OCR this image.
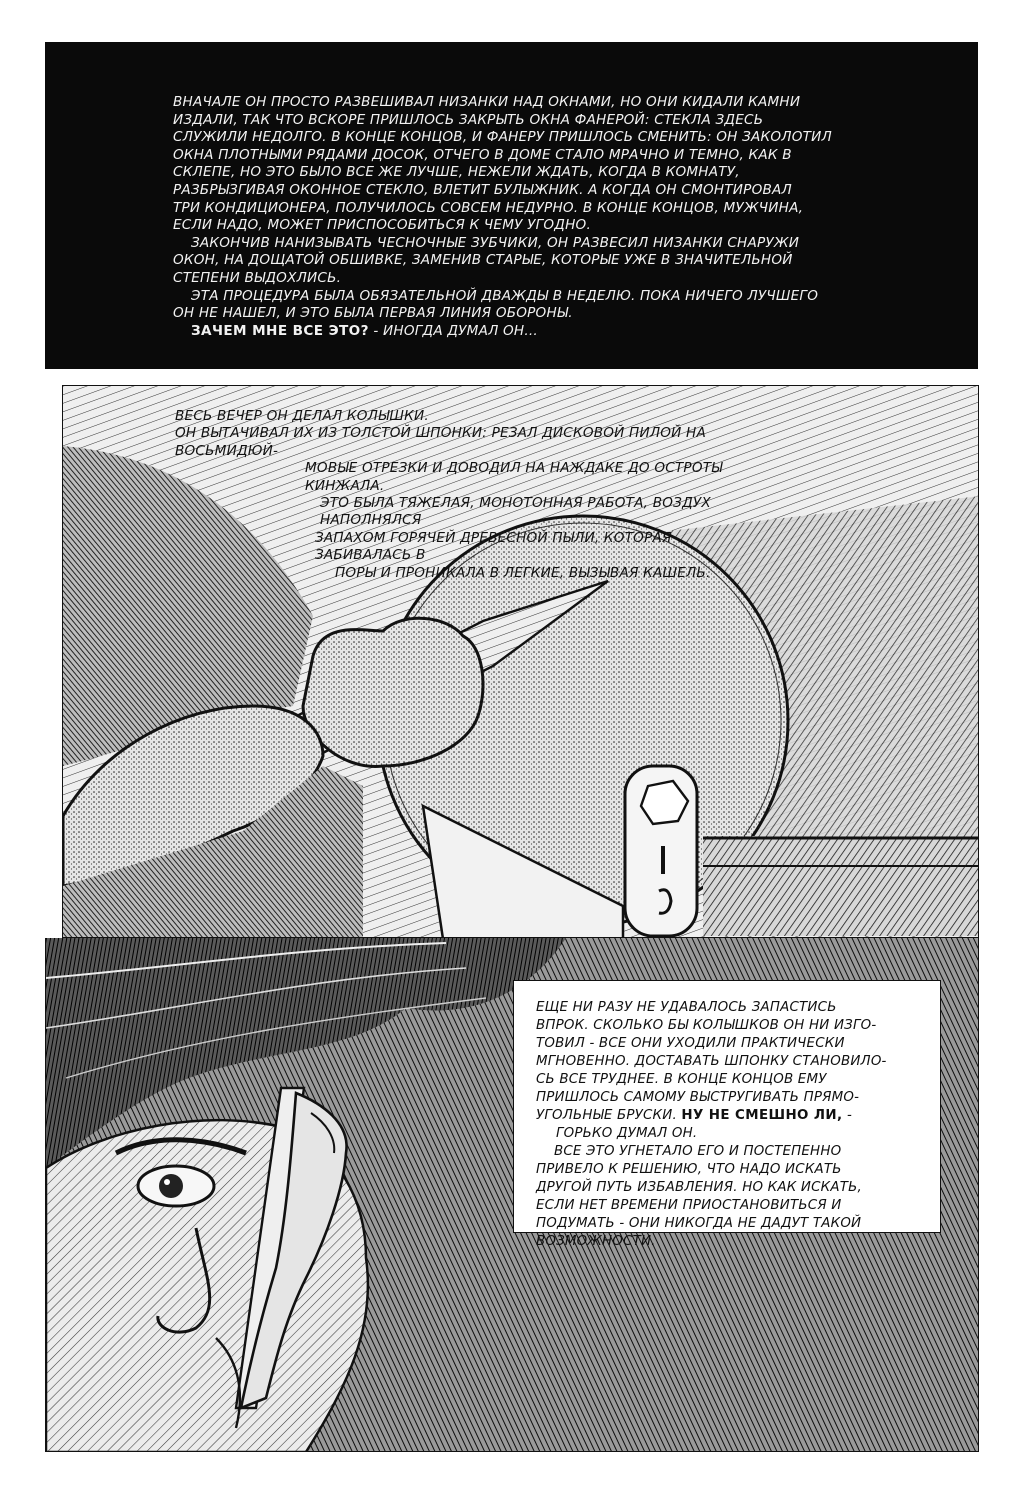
ВНАЧАЛЕ ОН ПРОСТО РАЗВЕШИВАЛ НИЗАНКИ НАД ОКНАМИ, НО ОНИ КИДАЛИ КАМНИ

ИЗДАЛИ, ТАК ЧТО ВСКОРЕ ПРИШЛОСЬ ЗАКРЫТЬ ОКНА ФАНЕРОЙ: СТЕКЛА ЗДЕСЬ

СЛУЖИЛИ НЕДОЛГО. В КОНЦЕ КОНЦОВ, И ФАНЕРУ ПРИШЛОСЬ СМЕНИТЬ: ОН ЗАКОЛОТИЛ

ОКНА ПЛОТНЫМИ РЯДАМИ ДОСОК, ОТЧЕГО В ДОМЕ СТАЛО МРАЧНО И ТЕМНО, КАК В

СКЛЕПЕ, НО ЭТО БЫЛО ВСЕ ЖЕ ЛУЧШЕ, НЕЖЕЛИ ЖДАТЬ, КОГДА В КОМНАТУ,

РАЗБРЫЗГИВАЯ ОКОННОЕ СТЕКЛО, ВЛЕТИТ БУЛЫЖНИК. А КОГДА ОН СМОНТИРОВАЛ

ТРИ КОНДИЦИОНЕРА, ПОЛУЧИЛОСЬ СОВСЕМ НЕДУРНО. В КОНЦЕ КОНЦОВ, МУЖЧИНА,

ЕСЛИ НАДО, МОЖЕТ ПРИСПОСОБИТЬСЯ К ЧЕМУ УГОДНО.

ЗАКОНЧИВ НАНИЗЫВАТЬ ЧЕСНОЧНЫЕ ЗУБЧИКИ, ОН РАЗВЕСИЛ НИЗАНКИ СНАРУЖИ

ОКОН, НА ДОЩАТОЙ ОБШИВКЕ, ЗАМЕНИВ СТАРЫЕ, КОТОРЫЕ УЖЕ В ЗНАЧИТЕЛЬНОЙ

СТЕПЕНИ ВЫДОХЛИСЬ.

ЭТА ПРОЦЕДУРА БЫЛА ОБЯЗАТЕЛЬНОЙ ДВАЖДЫ В НЕДЕЛЮ. ПОКА НИЧЕГО ЛУЧШЕГО

ОН НЕ НАШЕЛ, И ЭТО БЫЛА ПЕРВАЯ ЛИНИЯ ОБОРОНЫ.

ЗАЧЕМ МНЕ ВСЕ ЭТО? - ИНОГДА ДУМАЛ ОН...

ВЕСЬ ВЕЧЕР ОН ДЕЛАЛ КОЛЫШКИ.

ОН ВЫТАЧИВАЛ ИХ ИЗ ТОЛСТОЙ ШПОНКИ: РЕЗАЛ ДИСКОВОЙ ПИЛОЙ НА ВОСЬМИДЮЙ-

МОВЫЕ ОТРЕЗКИ И ДОВОДИЛ НА НАЖДАКЕ ДО ОСТРОТЫ КИНЖАЛА.

ЭТО БЫЛА ТЯЖЕЛАЯ, МОНОТОННАЯ РАБОТА, ВОЗДУХ НАПОЛНЯЛСЯ

ЗАПАХОМ ГОРЯЧЕЙ ДРЕВЕСНОЙ ПЫЛИ, КОТОРАЯ ЗАБИВАЛАСЬ В

ПОРЫ И ПРОНИКАЛА В ЛЕГКИЕ, ВЫЗЫВАЯ КАШЕЛЬ.

ЕЩЕ НИ РАЗУ НЕ УДАВАЛОСЬ ЗАПАСТИСЬ

ВПРОК. СКОЛЬКО БЫ КОЛЫШКОВ ОН НИ ИЗГО-

ТОВИЛ - ВСЕ ОНИ УХОДИЛИ ПРАКТИЧЕСКИ

МГНОВЕННО. ДОСТАВАТЬ ШПОНКУ СТАНОВИЛО-

СЬ ВСЕ ТРУДНЕЕ. В КОНЦЕ КОНЦОВ ЕМУ

ПРИШЛОСЬ САМОМУ ВЫСТРУГИВАТЬ ПРЯМО-

УГОЛЬНЫЕ БРУСКИ. НУ НЕ СМЕШНО ЛИ, -

ГОРЬКО ДУМАЛ ОН.

ВСЕ ЭТО УГНЕТАЛО ЕГО И ПОСТЕПЕННО

ПРИВЕЛО К РЕШЕНИЮ, ЧТО НАДО ИСКАТЬ

ДРУГОЙ ПУТЬ ИЗБАВЛЕНИЯ. НО КАК ИСКАТЬ,

ЕСЛИ НЕТ ВРЕМЕНИ ПРИОСТАНОВИТЬСЯ И

ПОДУМАТЬ - ОНИ НИКОГДА НЕ ДАДУТ ТАКОЙ

ВОЗМОЖНОСТИ.
